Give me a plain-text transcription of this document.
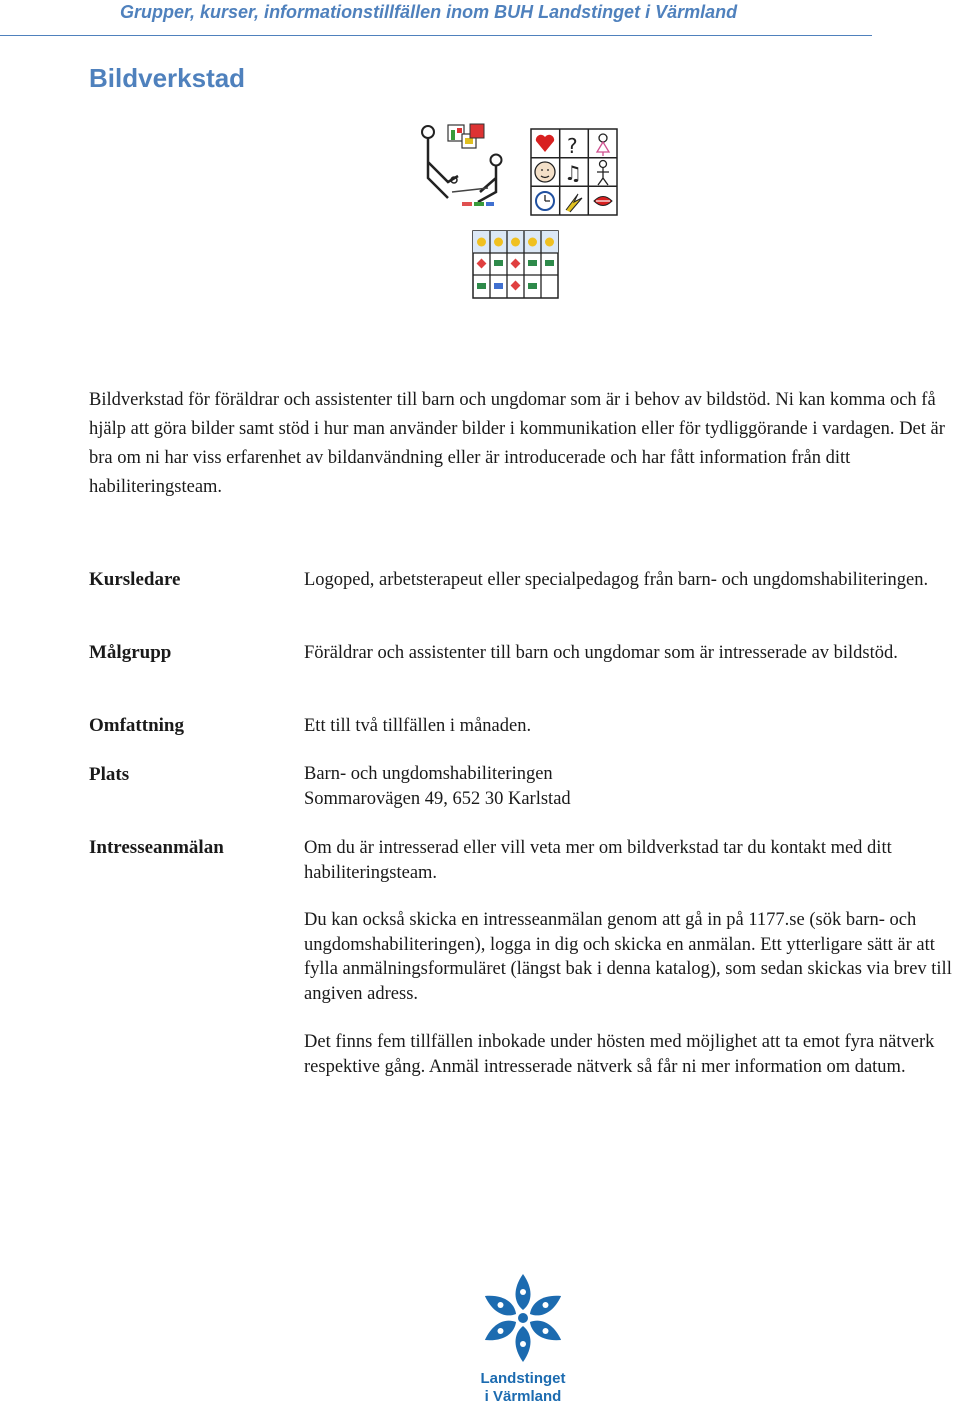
Grupper, kurser, informationstillfällen inom BUH Landstinget i Värmland
Bildverkstad
?
♫

Bildverkstad för föräldrar och assistenter till barn och ungdomar som är i behov av bildstöd. Ni kan komma och få hjälp att göra bilder samt stöd i hur man använder bilder i kommunikation eller för tydliggörande i vardagen. Det är bra om ni har viss erfarenhet av bildanvändning eller är introducerade och har fått information från ditt habiliteringsteam.

Kursledare	Logoped, arbetsterapeut eller specialpedagog från barn- och ungdomshabiliteringen.
Målgrupp	Föräldrar och assistenter till barn och ungdomar som är intresserade av bildstöd.
Omfattning	Ett till två tillfällen i månaden.
Plats	Barn- och ungdomshabiliteringen
Sommarovägen 49, 652 30 Karlstad
Intresseanmälan	Om du är intresserad eller vill veta mer om bildverkstad tar du kontakt med ditt habiliteringsteam.
Du kan också skicka en intresseanmälan genom att gå in på 1177.se (sök barn- och ungdomshabiliteringen), logga in dig och skicka en anmälan. Ett ytterligare sätt är att fylla anmälningsformuläret (längst bak i denna katalog), som sedan skickas via brev till angiven adress.
Det finns fem tillfällen inbokade under hösten med möjlighet att ta emot fyra nätverk respektive gång. Anmäl intresserade nätverk så får ni mer information om datum.
Landstinget
i Värmland
